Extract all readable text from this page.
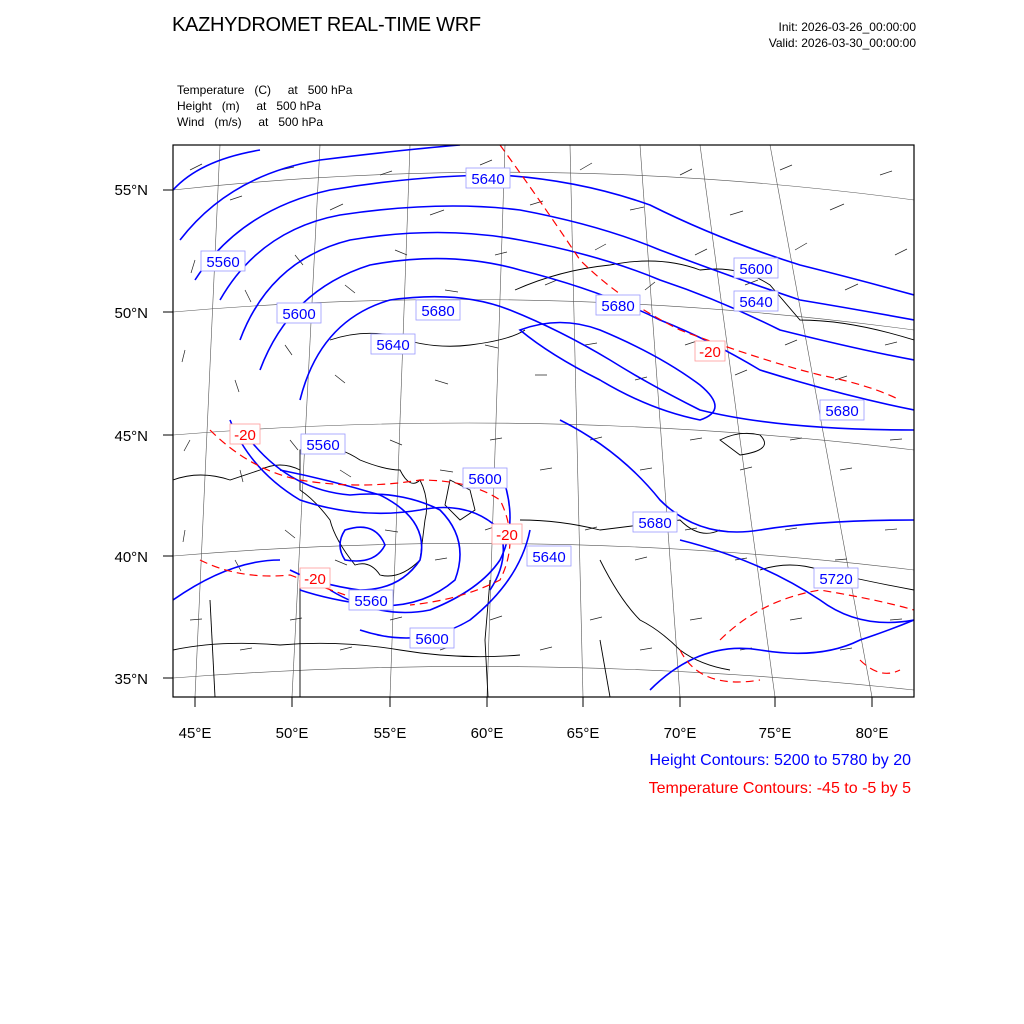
KAZHYDROMET REAL-TIME WRF	Init: 2026-03-26_00:00:00
Valid: 2026-03-30_00:00:00
Temperature   (C)     at   500 hPa
Height   (m)     at   500 hPa
Wind   (m/s)     at   500 hPa
55°N
50°N
45°N
40°N
35°N
45°E	50°E	55°E	60°E	65°E	70°E	75°E	80°E
5640
5560	5600
5680	5640
5600	5680
5640
5680
5560
5600
5680
5640
5720
5560
5600
-20
-20
-20
-20
Height Contours: 5200 to 5780 by 20
Temperature Contours: -45 to -5 by 5
